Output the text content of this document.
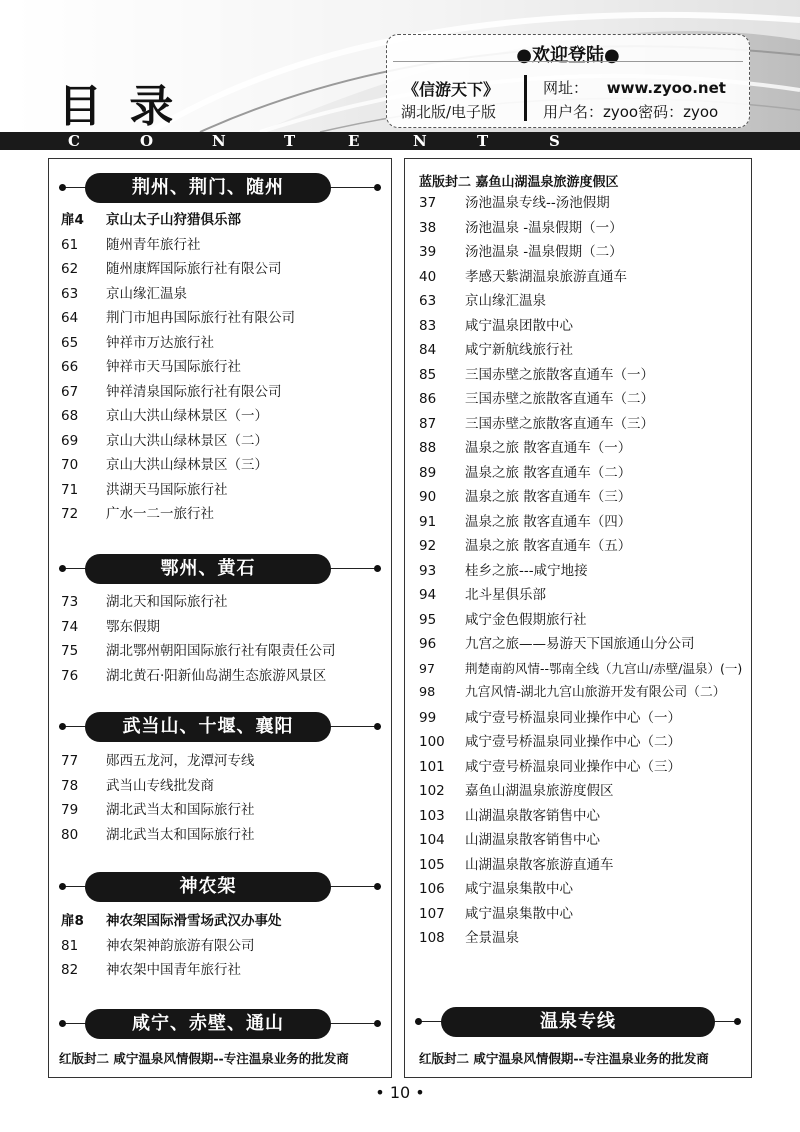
目 录
C	O	N	T	E	N	T	S
●欢迎登陆●
《信游天下》
湖北版/电子版
网址： www.zyoo.net
用户名：zyoo密码：zyoo
荆州、荆门、随州
扉4 京山太子山狩猎俱乐部
61 随州青年旅行社
62 随州康辉国际旅行社有限公司
63 京山缘汇温泉
64 荆门市旭冉国际旅行社有限公司
65 钟祥市万达旅行社
66 钟祥市天马国际旅行社
67 钟祥清泉国际旅行社有限公司
68 京山大洪山绿林景区（一）
69 京山大洪山绿林景区（二）
70 京山大洪山绿林景区（三）
71 洪湖天马国际旅行社
72 广水一二一旅行社
鄂州、黄石
73 湖北天和国际旅行社
74 鄂东假期
75 湖北鄂州朝阳国际旅行社有限责任公司
76 湖北黄石·阳新仙岛湖生态旅游风景区
武当山、十堰、襄阳
77 郧西五龙河，龙潭河专线
78 武当山专线批发商
79 湖北武当太和国际旅行社
80 湖北武当太和国际旅行社
神农架
扉8 神农架国际滑雪场武汉办事处
81 神农架神韵旅游有限公司
82 神农架中国青年旅行社
咸宁、赤壁、通山
红版封二 咸宁温泉风情假期--专注温泉业务的批发商
蓝版封二 嘉鱼山湖温泉旅游度假区
37 汤池温泉专线--汤池假期
38 汤池温泉 -温泉假期（一）
39 汤池温泉 -温泉假期（二）
40 孝感天紫湖温泉旅游直通车
63 京山缘汇温泉
83 咸宁温泉团散中心
84 咸宁新航线旅行社
85 三国赤壁之旅散客直通车（一）
86 三国赤壁之旅散客直通车（二）
87 三国赤壁之旅散客直通车（三）
88 温泉之旅 散客直通车（一）
89 温泉之旅 散客直通车（二）
90 温泉之旅 散客直通车（三）
91 温泉之旅 散客直通车（四）
92 温泉之旅 散客直通车（五）
93 桂乡之旅---咸宁地接
94 北斗星俱乐部
95 咸宁金色假期旅行社
96 九宫之旅——易游天下国旅通山分公司
97 荆楚南韵风情--鄂南全线（九宫山/赤壁/温泉）(一)
98 九宫风情-湖北九宫山旅游开发有限公司（二）
99 咸宁壹号桥温泉同业操作中心（一）
100 咸宁壹号桥温泉同业操作中心（二）
101 咸宁壹号桥温泉同业操作中心（三）
102 嘉鱼山湖温泉旅游度假区
103 山湖温泉散客销售中心
104 山湖温泉散客销售中心
105 山湖温泉散客旅游直通车
106 咸宁温泉集散中心
107 咸宁温泉集散中心
108 全景温泉
温泉专线
红版封二 咸宁温泉风情假期--专注温泉业务的批发商
• 10 •
